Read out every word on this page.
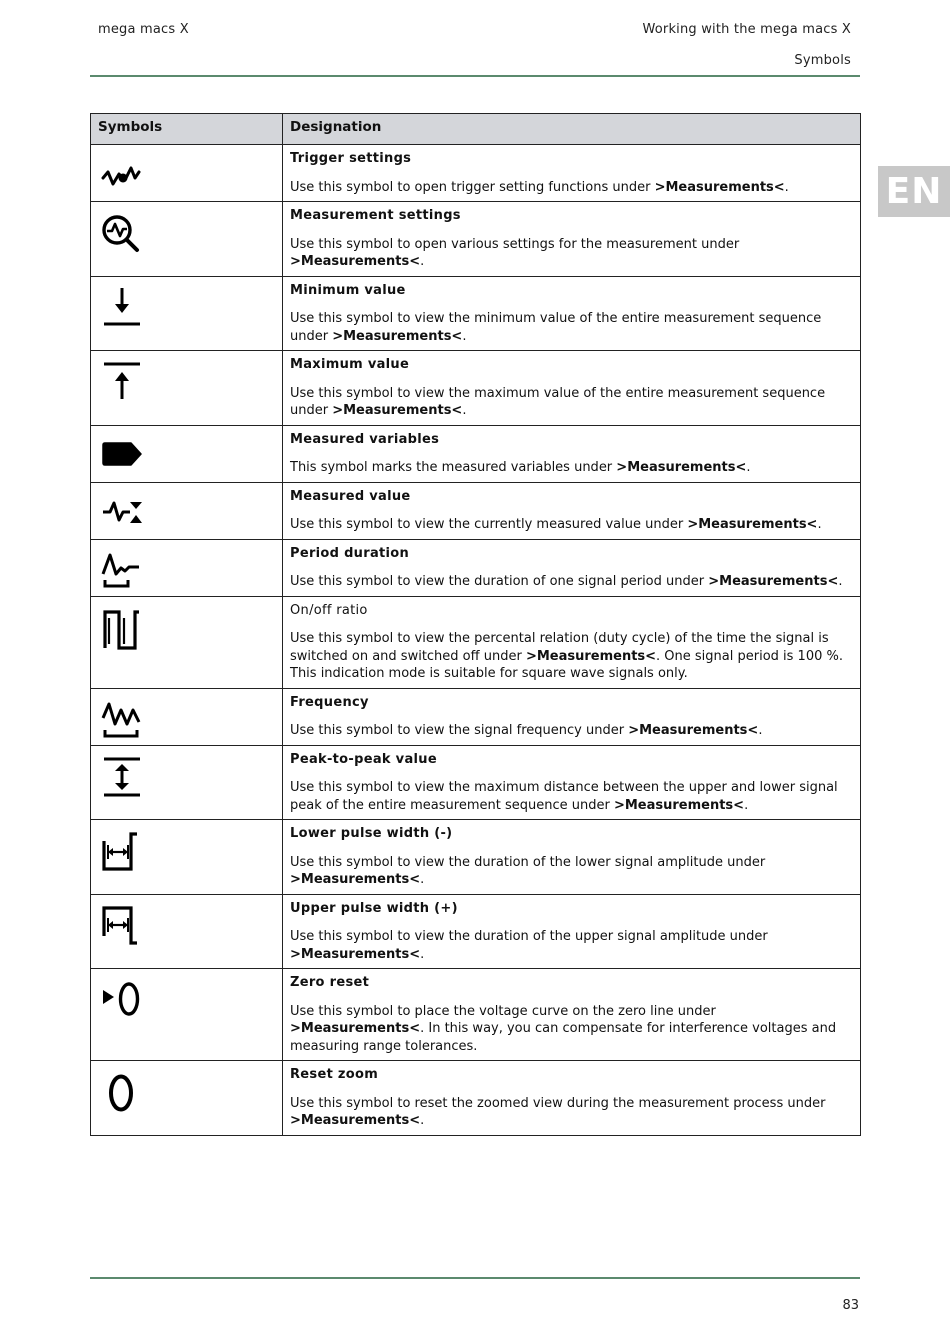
mega macs X	Working with the mega macs X
Symbols
EN
Symbols	Designation

Trigger settings
Use this symbol to open trigger setting functions under >Measurements<.

Measurement settings
Use this symbol to open various settings for the measurement under >Measurements<.

Minimum value
Use this symbol to view the minimum value of the entire measurement sequence under >Measurements<.

Maximum value
Use this symbol to view the maximum value of the entire measurement sequence under >Measurements<.

Measured variables
This symbol marks the measured variables under >Measurements<.

Measured value
Use this symbol to view the currently measured value under >Measurements<.

Period duration
Use this symbol to view the duration of one signal period under >Measurements<.

On/off ratio
Use this symbol to view the percental relation (duty cycle) of the time the signal is switched on and switched off under >Measurements<. One signal period is 100 %. This indication mode is suitable for square wave signals only.

Frequency
Use this symbol to view the signal frequency under >Measurements<.

Peak-to-peak value
Use this symbol to view the maximum distance between the upper and lower signal peak of the entire measurement sequence under >Measurements<.

Lower pulse width (-)
Use this symbol to view the duration of the lower signal amplitude under >Measurements<.

Upper pulse width (+)
Use this symbol to view the duration of the upper signal amplitude under >Measurements<.

Zero reset
Use this symbol to place the voltage curve on the zero line under >Measurements<. In this way, you can compensate for interference voltages and measuring range tolerances.

Reset zoom
Use this symbol to reset the zoomed view during the measurement process under >Measurements<.
83
